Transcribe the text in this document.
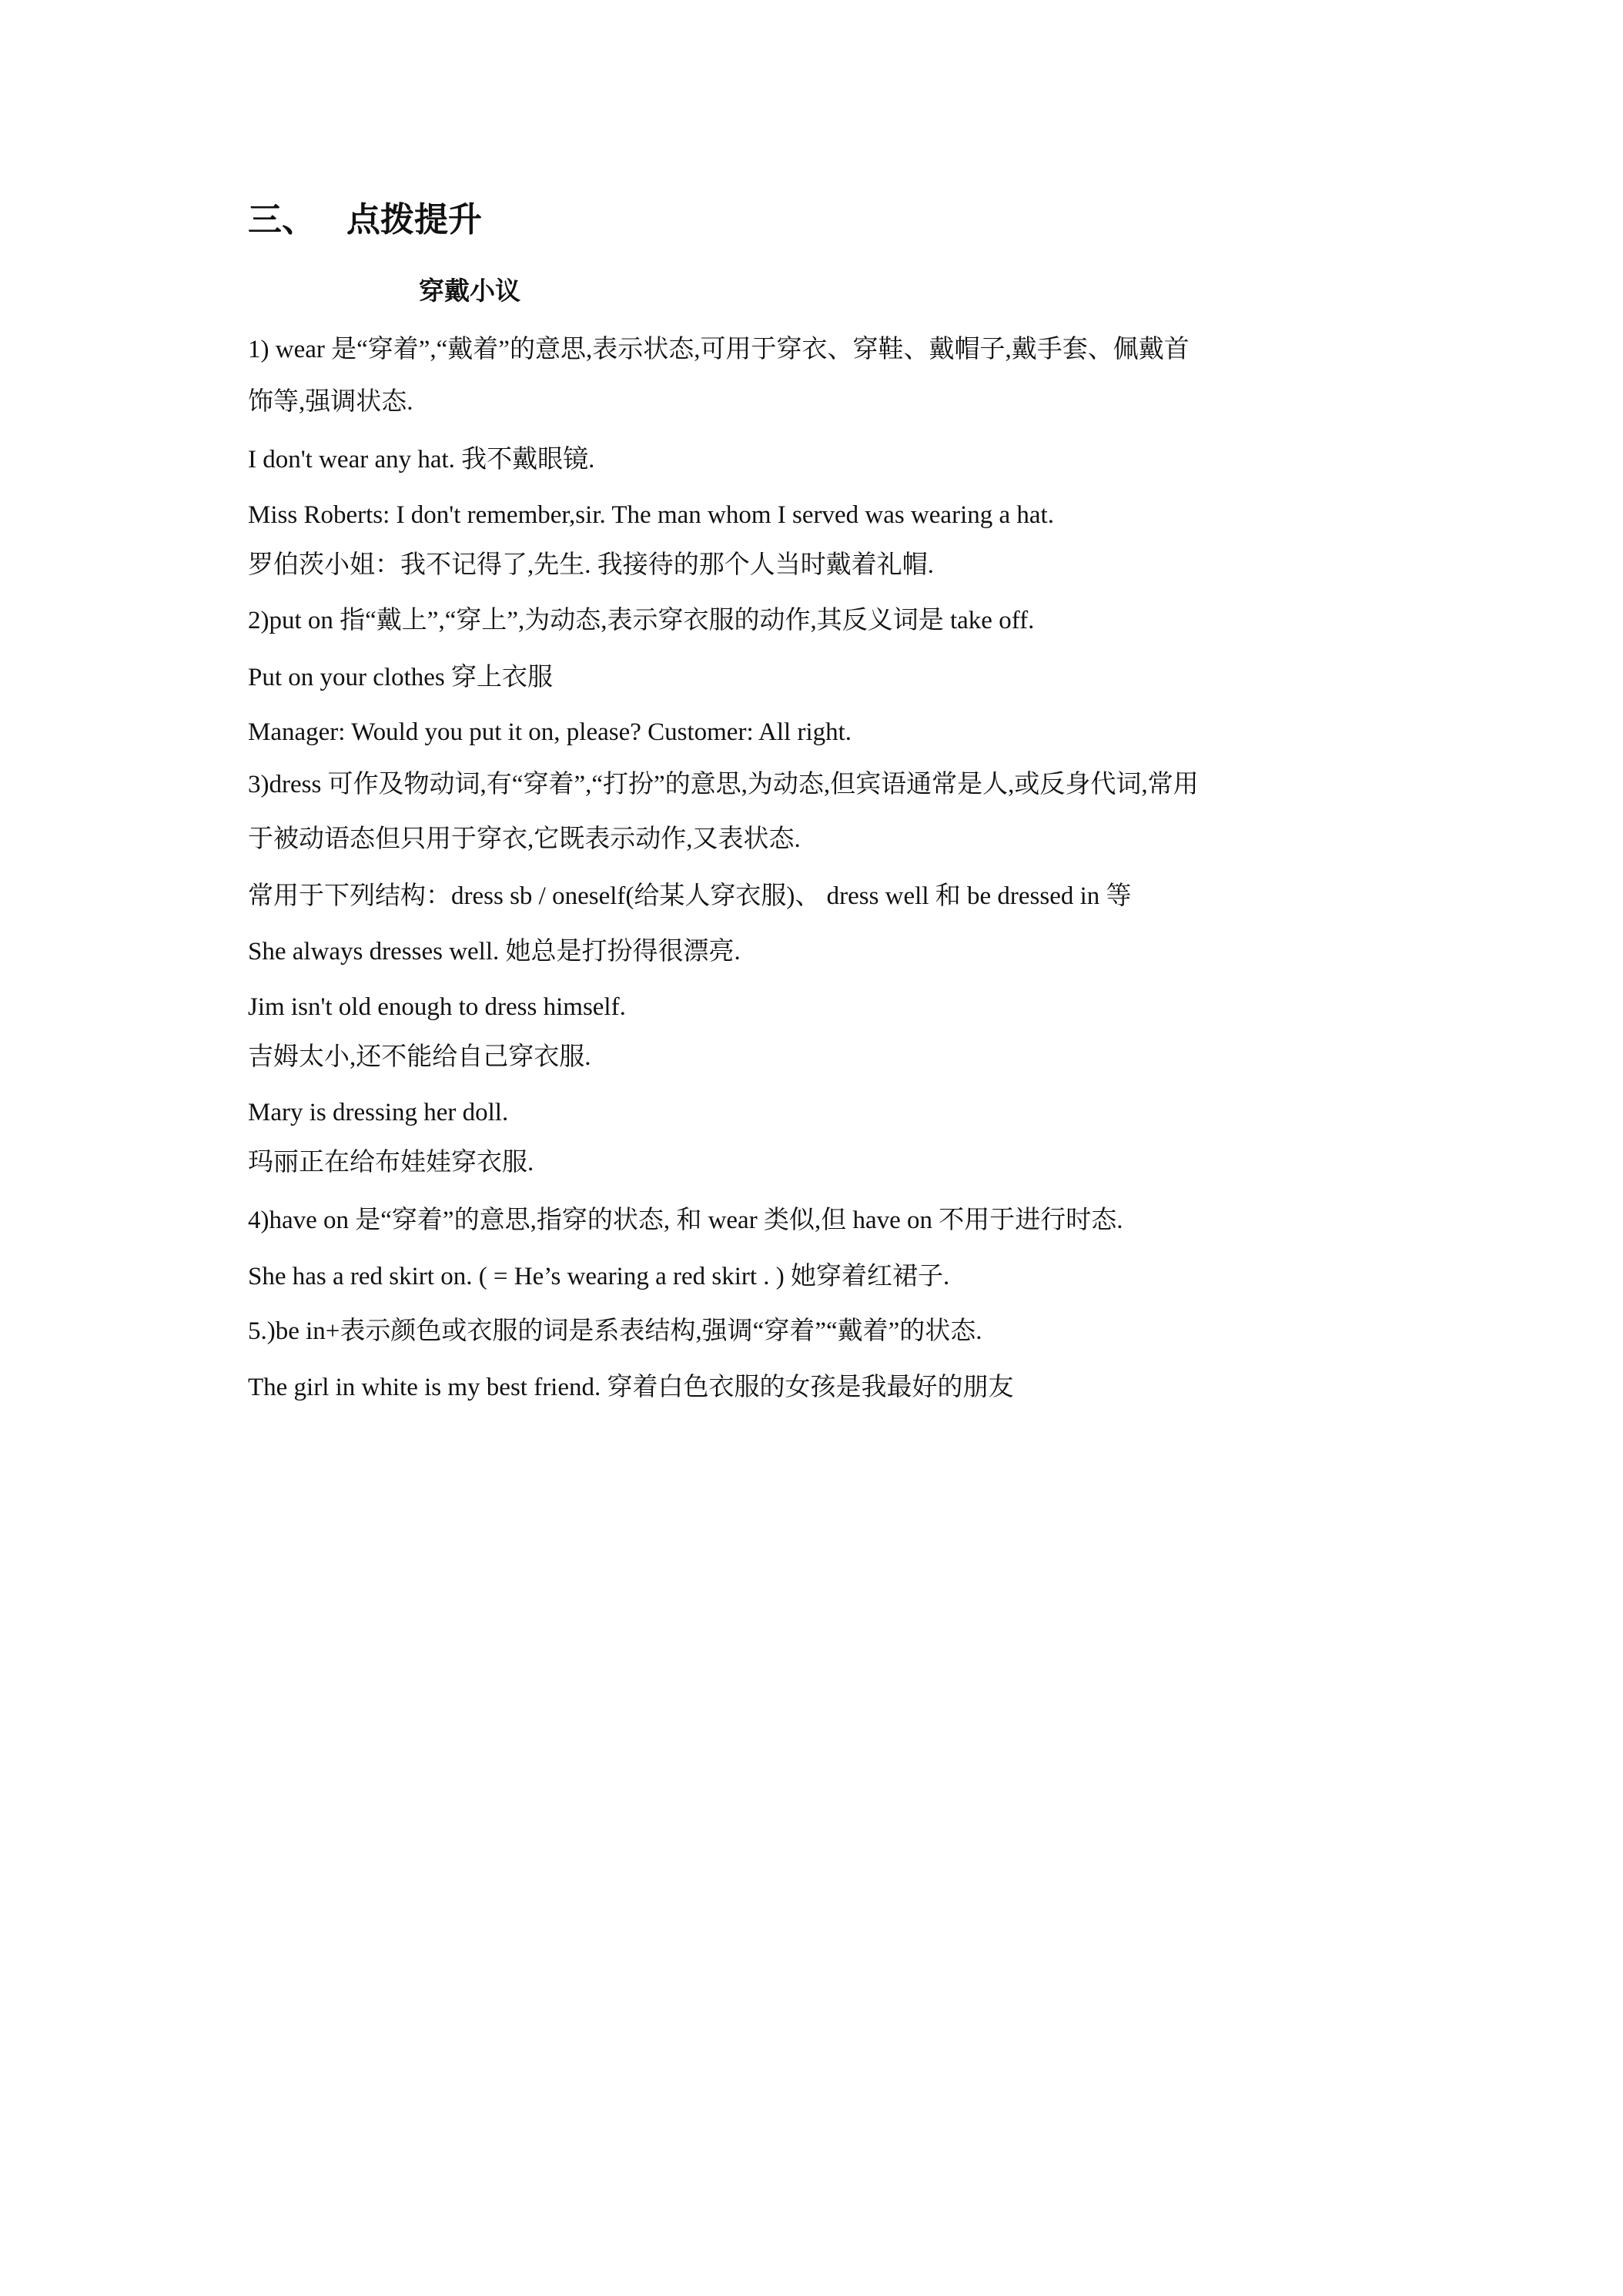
三、 点拨提升
穿戴小议
1) wear 是“穿着”,“戴着”的意思,表示状态,可用于穿衣、穿鞋、戴帽子,戴手套、佩戴首
饰等,强调状态.
I don't wear any hat. 我不戴眼镜.
Miss Roberts: I don't remember,sir. The man whom I served was wearing a hat.
罗伯茨小姐：我不记得了,先生. 我接待的那个人当时戴着礼帽.
2)put on 指“戴上”,“穿上”,为动态,表示穿衣服的动作,其反义词是 take off.
Put on your clothes 穿上衣服
Manager: Would you put it on, please? Customer: All right.
3)dress 可作及物动词,有“穿着”,“打扮”的意思,为动态,但宾语通常是人,或反身代词,常用
于被动语态但只用于穿衣,它既表示动作,又表状态.
常用于下列结构：dress sb / oneself(给某人穿衣服)、 dress well 和 be dressed in 等
She always dresses well. 她总是打扮得很漂亮.
Jim isn't old enough to dress himself.
吉姆太小,还不能给自己穿衣服.
Mary is dressing her doll.
玛丽正在给布娃娃穿衣服.
4)have on 是“穿着”的意思,指穿的状态, 和 wear 类似,但 have on 不用于进行时态.
She has a red skirt on. ( = He’s wearing a red skirt . ) 她穿着红裙子.
5.)be in+表示颜色或衣服的词是系表结构,强调“穿着”“戴着”的状态.
The girl in white is my best friend. 穿着白色衣服的女孩是我最好的朋友
